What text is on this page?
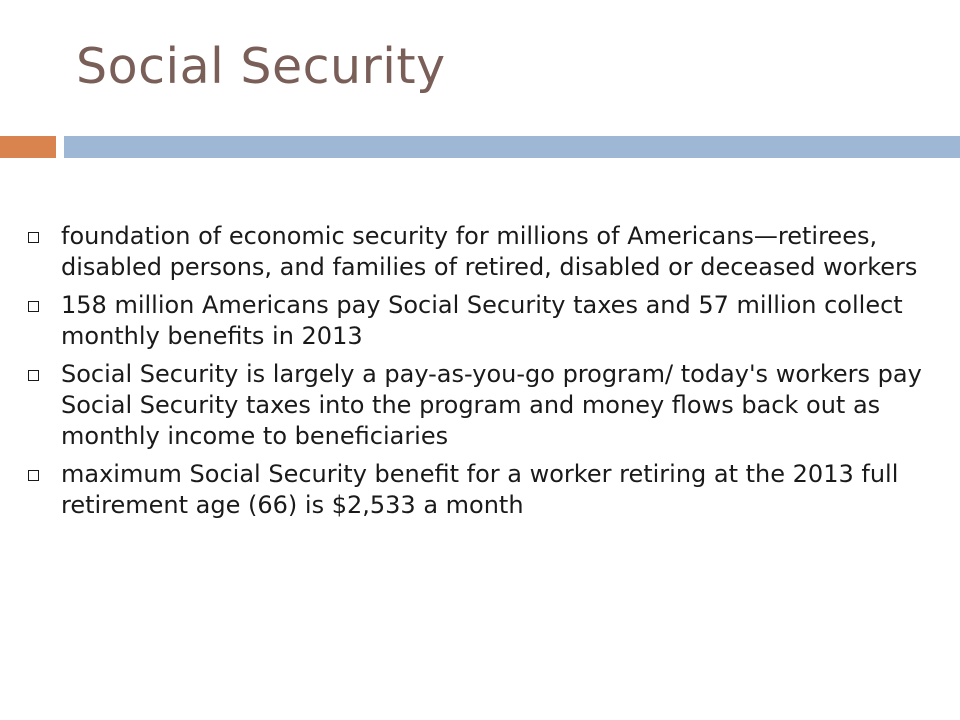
Social Security
foundation of economic security for millions of Americans—retirees, disabled persons, and families of retired, disabled or deceased workers
158 million Americans pay Social Security taxes and 57 million collect monthly benefits in 2013
Social Security is largely a pay-as-you-go program/ today's workers pay Social Security taxes into the program and money flows back out as monthly income to beneficiaries
maximum Social Security benefit for a worker retiring at the 2013 full retirement age (66) is $2,533 a month
